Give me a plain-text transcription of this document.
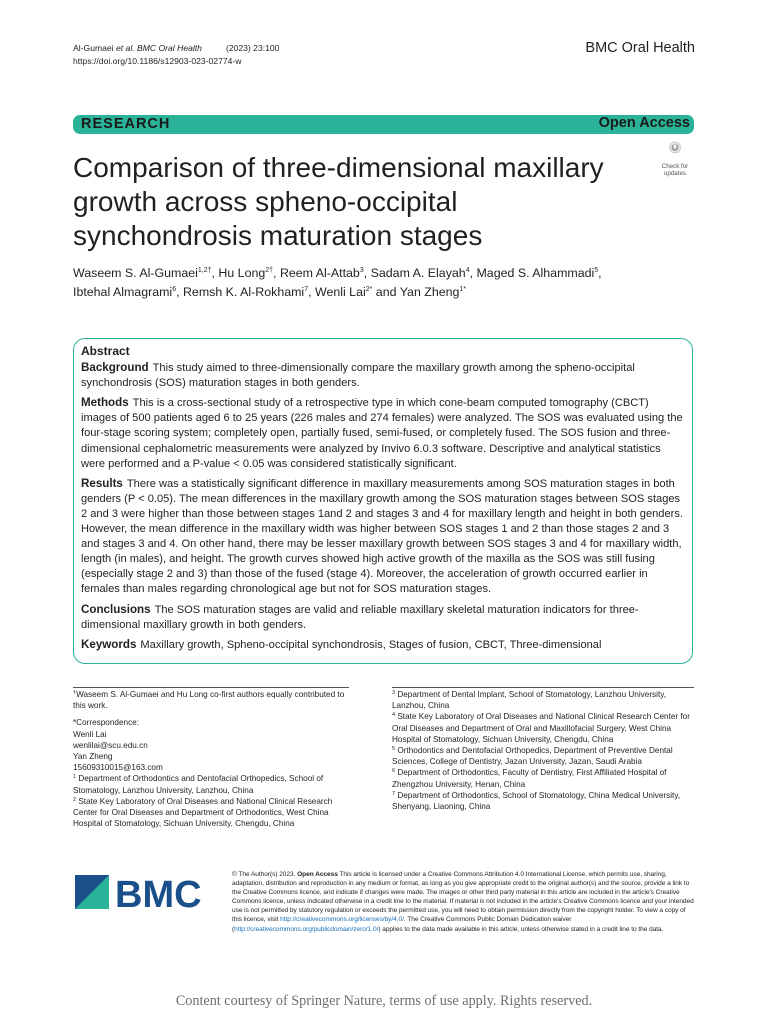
Al-Gumaei et al. BMC Oral Health	(2023) 23:100
https://doi.org/10.1186/s12903-023-02774-w
BMC Oral Health
RESEARCH	Open Access
Comparison of three-dimensional maxillary growth across spheno-occipital synchondrosis maturation stages
Check for
updates
Waseem S. Al-Gumaei$^{1,2\dagger}$, Hu Long$^{2\dagger}$, Reem Al-Attab$^3$, Sadam A. Elayah$^4$, Maged S. Alhammadi$^5$,
Ibtehal Almagrami$^6$, Remsh K. Al-Rokhami$^7$, Wenli Lai$^{2*}$ and Yan Zheng$^{1*}$
Abstract

Background This study aimed to three-dimensionally compare the maxillary growth among the spheno-occipital synchondrosis (SOS) maturation stages in both genders.

Methods This is a cross-sectional study of a retrospective type in which cone-beam computed tomography (CBCT) images of 500 patients aged 6 to 25 years (226 males and 274 females) were analyzed. The SOS was evaluated using the four-stage scoring system; completely open, partially fused, semi-fused, or completely fused. The SOS fusion and three-dimensional cephalometric measurements were analyzed by Invivo 6.0.3 software. Descriptive and analytical statistics were performed and a P-value < 0.05 was considered statistically significant.

Results There was a statistically significant difference in maxillary measurements among SOS maturation stages in both genders (P < 0.05). The mean differences in the maxillary growth among the SOS maturation stages between SOS stages 2 and 3 were higher than those between stages 1and 2 and stages 3 and 4 for maxillary length and height in both genders. However, the mean difference in the maxillary width was higher between SOS stages 1 and 2 than those stages 2 and 3 and stages 3 and 4. On other hand, there may be lesser maxillary growth between SOS stages 3 and 4 for maxillary width, length (in males), and height. The growth curves showed high active growth of the maxilla as the SOS was still fusing (especially stage 2 and 3) than those of the fused (stage 4). Moreover, the acceleration of growth occurred earlier in females than males regarding chronological age but not for SOS maturation stages.

Conclusions The SOS maturation stages are valid and reliable maxillary skeletal maturation indicators for three-dimensional maxillary growth in both genders.

Keywords Maxillary growth, Spheno-occipital synchondrosis, Stages of fusion, CBCT, Three-dimensional

†Waseem S. Al-Gumaei and Hu Long co-first authors equally contributed to this work.

*Correspondence:

Wenli Lai

wenlilai@scu.edu.cn

Yan Zheng

15609310015@163.com

$^1$ Department of Orthodontics and Dentofacial Orthopedics, School of Stomatology, Lanzhou University, Lanzhou, China

$^2$ State Key Laboratory of Oral Diseases and National Clinical Research Center for Oral Diseases and Department of Orthodontics, West China Hospital of Stomatology, Sichuan University, Chengdu, China

$^3$ Department of Dental Implant, School of Stomatology, Lanzhou University, Lanzhou, China

$^4$ State Key Laboratory of Oral Diseases and National Clinical Research Center for Oral Diseases and Department of Oral and Maxillofacial Surgery, West China Hospital of Stomatology, Sichuan University, Chengdu, China

$^5$ Orthodontics and Dentofacial Orthopedics, Department of Preventive Dental Sciences, College of Dentistry, Jazan University, Jazan, Saudi Arabia

$^6$ Department of Orthodontics, Faculty of Dentistry, First Affiliated Hospital of Zhengzhou University, Henan, China

$^7$ Department of Orthodontics, School of Stomatology, China Medical University, Shenyang, Liaoning, China

BMC	© The Author(s) 2023. Open Access This article is licensed under a Creative Commons Attribution 4.0 International License, which permits use, sharing, adaptation, distribution and reproduction in any medium or format, as long as you give appropriate credit to the original author(s) and the source, provide a link to the Creative Commons licence, and indicate if changes were made. The images or other third party material in this article are included in the article's Creative Commons licence, unless indicated otherwise in a credit line to the material. If material is not included in the article's Creative Commons licence and your intended use is not permitted by statutory regulation or exceeds the permitted use, you will need to obtain permission directly from the copyright holder. To view a copy of this licence, visit http://creativecommons.org/licenses/by/4.0/. The Creative Commons Public Domain Dedication waiver (http://creativecommons.org/publicdomain/zero/1.0/) applies to the data made available in this article, unless otherwise stated in a credit line to the data.
Content courtesy of Springer Nature, terms of use apply. Rights reserved.
